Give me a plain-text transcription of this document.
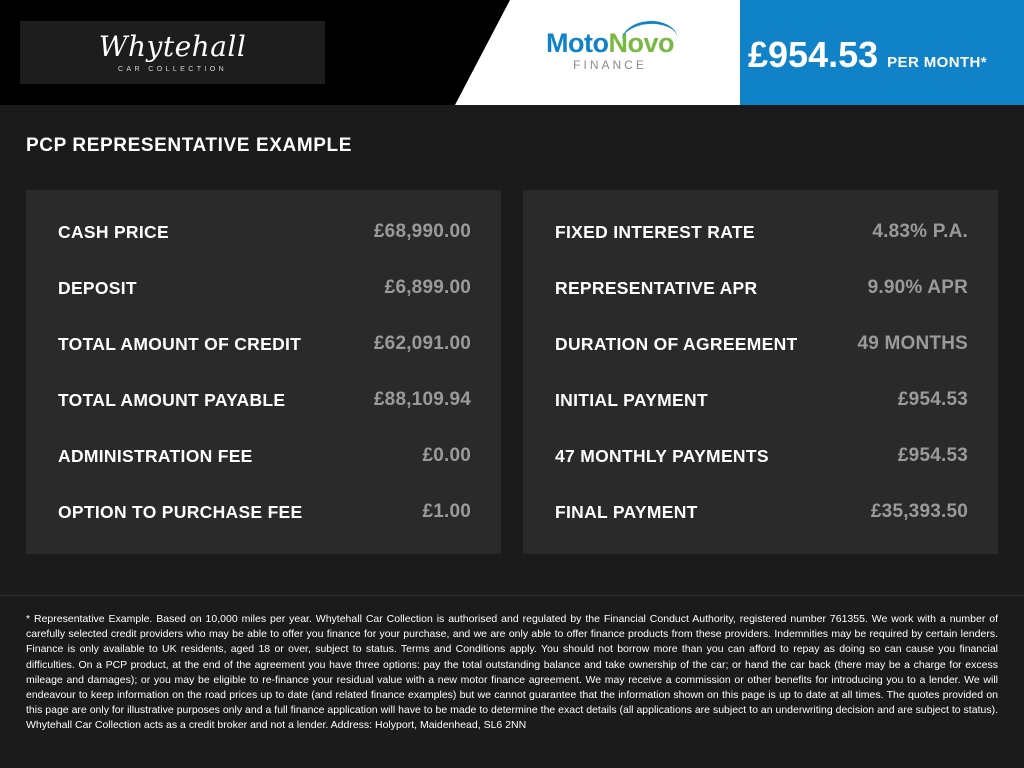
Whytehall
CAR COLLECTION
MotoNovo
FINANCE	£954.53 PER MONTH*
PCP REPRESENTATIVE EXAMPLE
CASH PRICE	£68,990.00
DEPOSIT	£6,899.00
TOTAL AMOUNT OF CREDIT	£62,091.00
TOTAL AMOUNT PAYABLE	£88,109.94
ADMINISTRATION FEE	£0.00
OPTION TO PURCHASE FEE	£1.00
FIXED INTEREST RATE	4.83% P.A.
REPRESENTATIVE APR	9.90% APR
DURATION OF AGREEMENT	49 MONTHS
INITIAL PAYMENT	£954.53
47 MONTHLY PAYMENTS	£954.53
FINAL PAYMENT	£35,393.50
* Representative Example. Based on 10,000 miles per year. Whytehall Car Collection is authorised and regulated by the Financial Conduct Authority, registered number 761355. We work with a number of carefully selected credit providers who may be able to offer you finance for your purchase, and we are only able to offer finance products from these providers. Indemnities may be required by certain lenders. Finance is only available to UK residents, aged 18 or over, subject to status. Terms and Conditions apply. You should not borrow more than you can afford to repay as doing so can cause you financial difficulties. On a PCP product, at the end of the agreement you have three options: pay the total outstanding balance and take ownership of the car; or hand the car back (there may be a charge for excess mileage and damages); or you may be eligible to re-finance your residual value with a new motor finance agreement. We may receive a commission or other benefits for introducing you to a lender. We will endeavour to keep information on the road prices up to date (and related finance examples) but we cannot guarantee that the information shown on this page is up to date at all times. The quotes provided on this page are only for illustrative purposes only and a full finance application will have to be made to determine the exact details (all applications are subject to an underwriting decision and are subject to status). Whytehall Car Collection acts as a credit broker and not a lender. Address: Holyport, Maidenhead, SL6 2NN
